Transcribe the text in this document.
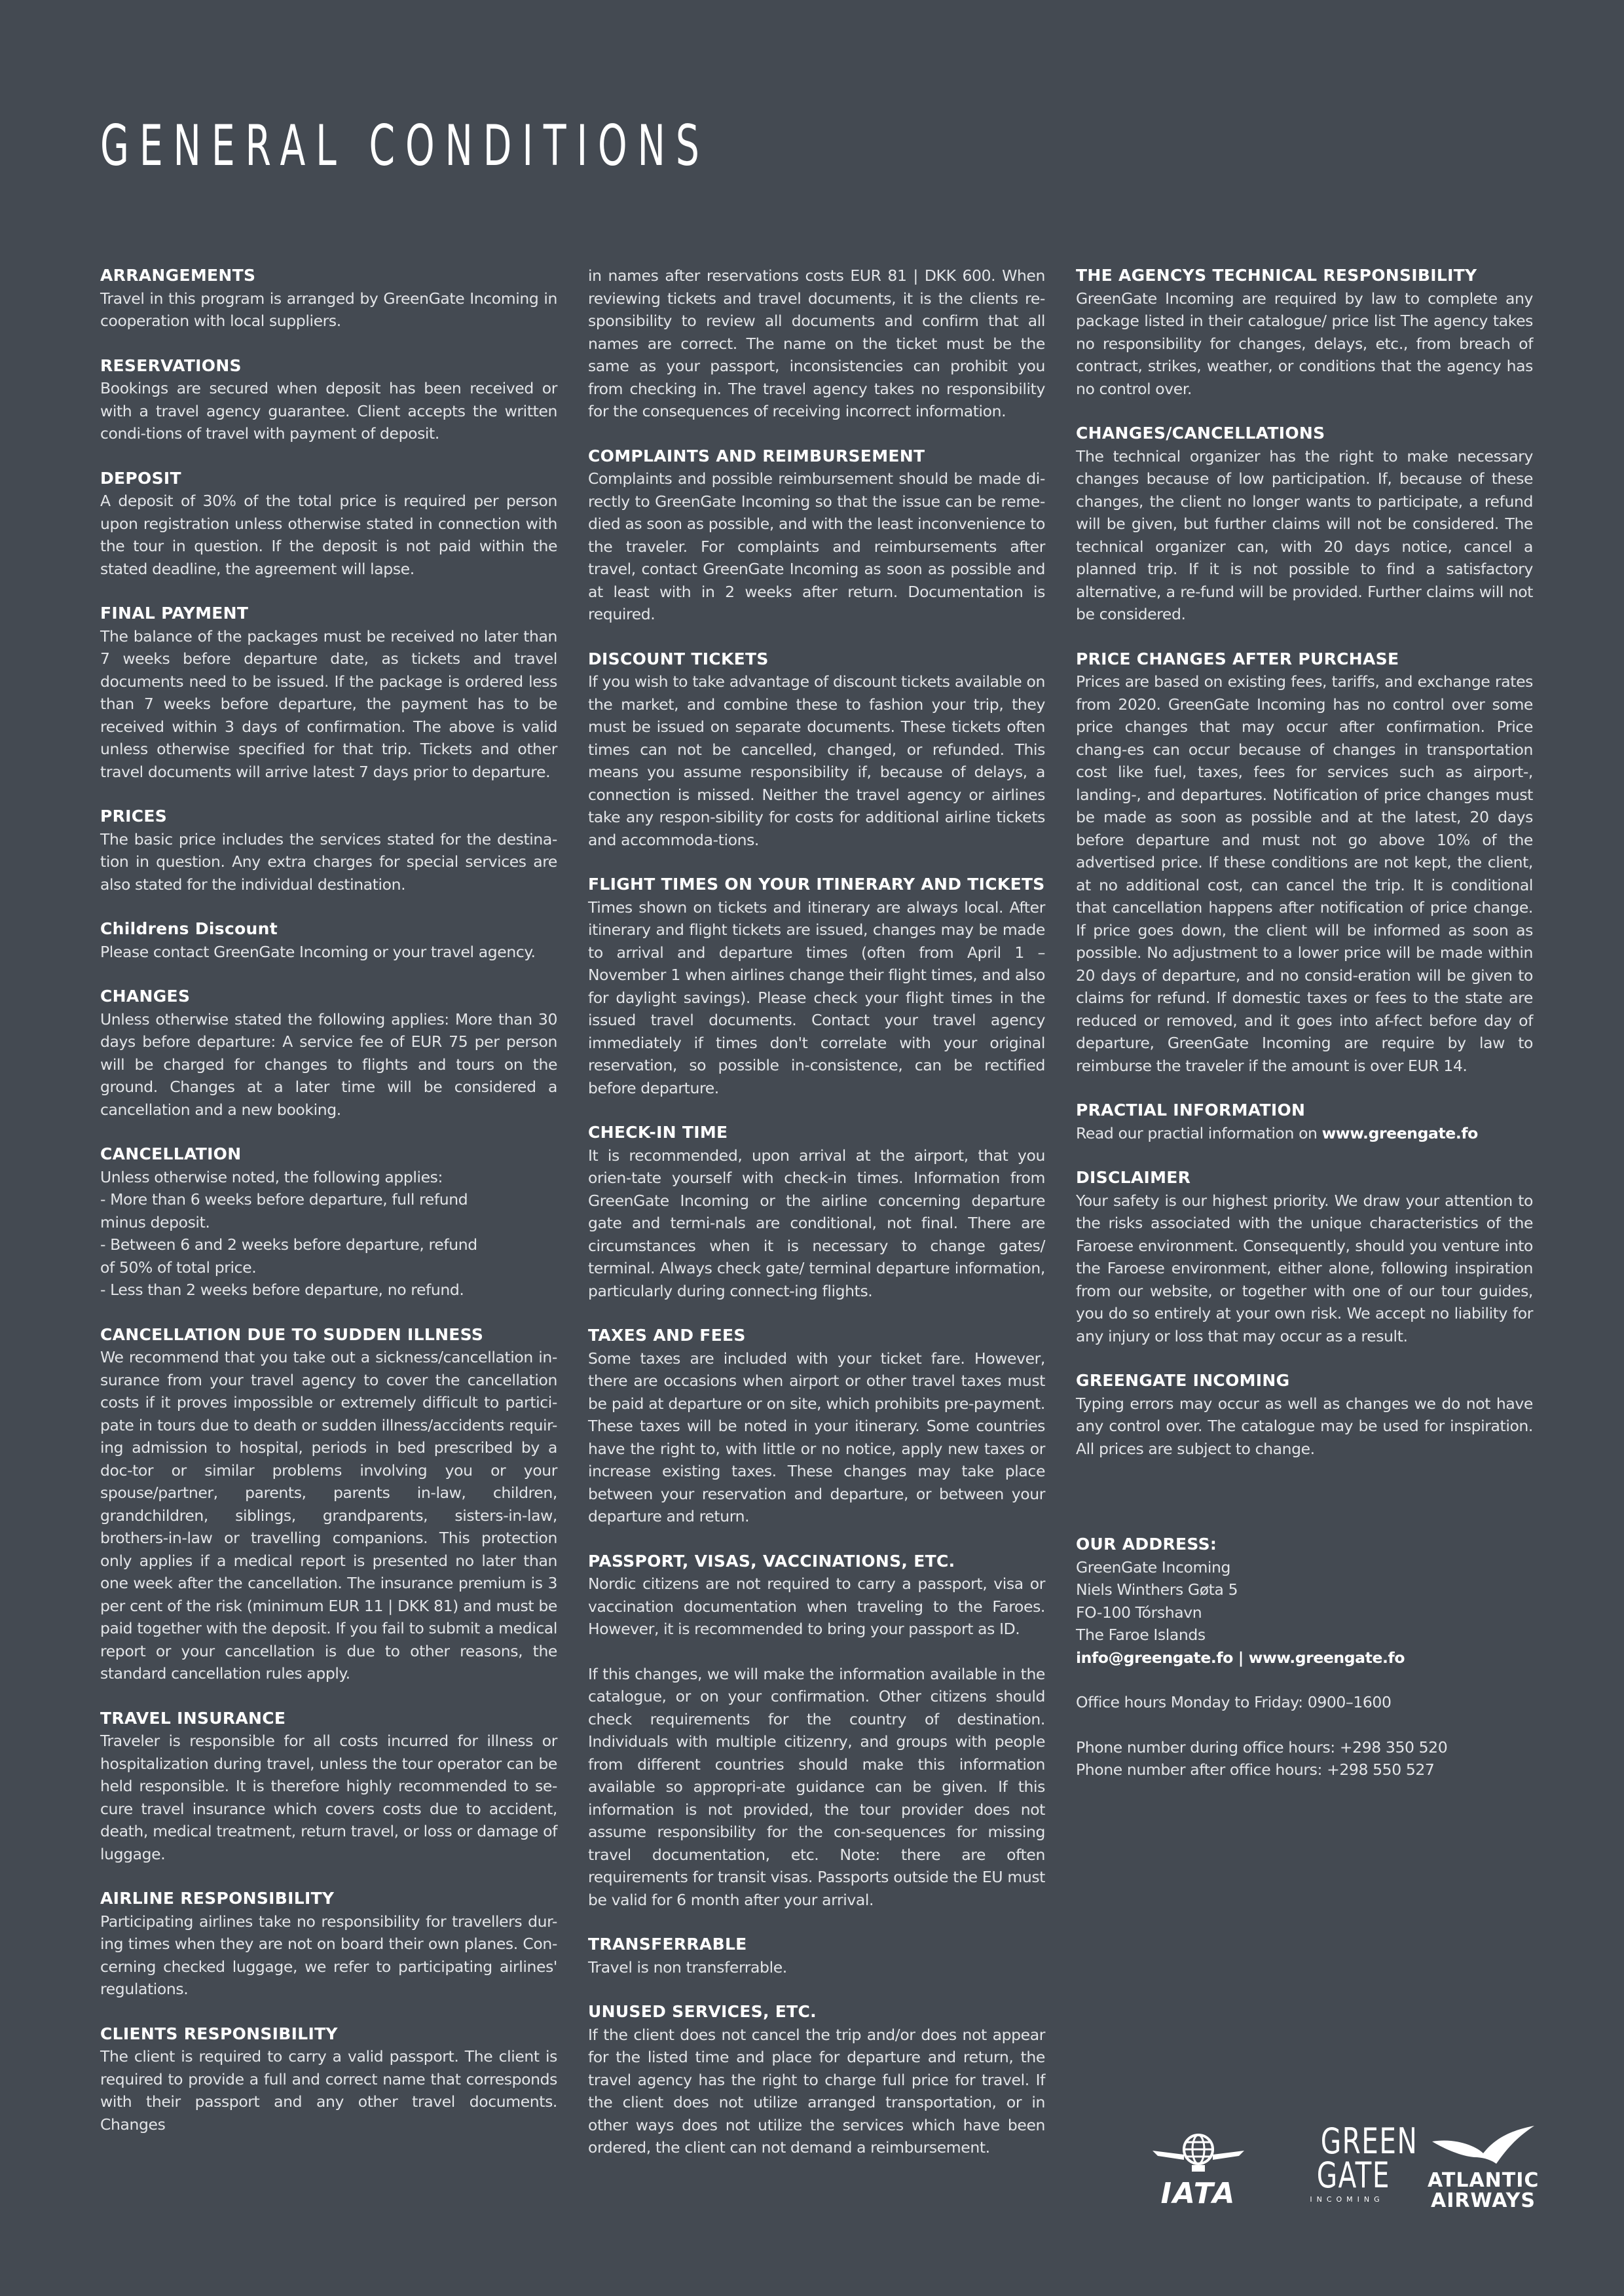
GENERAL CONDITIONS
ARRANGEMENTS
Travel in this program is arranged by GreenGate Incoming in cooperation with local suppliers.
RESERVATIONS
Bookings are secured when deposit has been received or with a travel agency guarantee. Client accepts the written condi-tions of travel with payment of deposit.
DEPOSIT
A deposit of 30% of the total price is required per person upon registration unless otherwise stated in connection with the tour in question. If the deposit is not paid within the stated deadline, the agreement will lapse.
FINAL PAYMENT
The balance of the packages must be received no later than 7 weeks before departure date, as tickets and travel documents need to be issued. If the package is ordered less than 7 weeks before departure, the payment has to be received within 3 days of confirmation. The above is valid unless otherwise specified for that trip. Tickets and other travel documents will arrive latest 7 days prior to departure.
PRICES
The basic price includes the services stated for the destina-tion in question. Any extra charges for special services are also stated for the individual destination.
Childrens Discount
Please contact GreenGate Incoming or your travel agency.
CHANGES
Unless otherwise stated the following applies: More than 30 days before departure: A service fee of EUR 75 per person will be charged for changes to flights and tours on the ground. Changes at a later time will be considered a cancellation and a new booking.
CANCELLATION
Unless otherwise noted, the following applies:
- More than 6 weeks before departure, full refund
minus deposit.
- Between 6 and 2 weeks before departure, refund
of 50% of total price.
- Less than 2 weeks before departure, no refund.
CANCELLATION DUE TO SUDDEN ILLNESS
We recommend that you take out a sickness/cancellation in-surance from your travel agency to cover the cancellation costs if it proves impossible or extremely difficult to partici-pate in tours due to death or sudden illness/accidents requir-ing admission to hospital, periods in bed prescribed by a doc-tor or similar problems involving you or your spouse/partner, parents, parents in-law, children, grandchildren, siblings, grandparents, sisters-in-law, brothers-in-law or travelling companions. This protection only applies if a medical report is presented no later than one week after the cancellation. The insurance premium is 3 per cent of the risk (minimum EUR 11 | DKK 81) and must be paid together with the deposit. If you fail to submit a medical report or your cancellation is due to other reasons, the standard cancellation rules apply.
TRAVEL INSURANCE
Traveler is responsible for all costs incurred for illness or hospitalization during travel, unless the tour operator can be held responsible. It is therefore highly recommended to se-cure travel insurance which covers costs due to accident, death, medical treatment, return travel, or loss or damage of luggage.
AIRLINE RESPONSIBILITY
Participating airlines take no responsibility for travellers dur-ing times when they are not on board their own planes. Con-cerning checked luggage, we refer to participating airlines' regulations.
CLIENTS RESPONSIBILITY
The client is required to carry a valid passport. The client is required to provide a full and correct name that corresponds with their passport and any other travel documents. Changes
in names after reservations costs EUR 81 | DKK 600. When reviewing tickets and travel documents, it is the clients re-sponsibility to review all documents and confirm that all names are correct. The name on the ticket must be the same as your passport, inconsistencies can prohibit you from checking in. The travel agency takes no responsibility for the consequences of receiving incorrect information.
COMPLAINTS AND REIMBURSEMENT
Complaints and possible reimbursement should be made di-rectly to GreenGate Incoming so that the issue can be reme-died as soon as possible, and with the least inconvenience to the traveler. For complaints and reimbursements after travel, contact GreenGate Incoming as soon as possible and at least with in 2 weeks after return. Documentation is required.
DISCOUNT TICKETS
If you wish to take advantage of discount tickets available on the market, and combine these to fashion your trip, they must be issued on separate documents. These tickets often times can not be cancelled, changed, or refunded. This means you assume responsibility if, because of delays, a connection is missed. Neither the travel agency or airlines take any respon-sibility for costs for additional airline tickets and accommoda-tions.
FLIGHT TIMES ON YOUR ITINERARY AND TICKETS
Times shown on tickets and itinerary are always local. After itinerary and flight tickets are issued, changes may be made to arrival and departure times (often from April 1 – November 1 when airlines change their flight times, and also for daylight savings). Please check your flight times in the issued travel documents. Contact your travel agency immediately if times don't correlate with your original reservation, so possible in-consistence, can be rectified before departure.
CHECK-IN TIME
It is recommended, upon arrival at the airport, that you orien-tate yourself with check-in times. Information from GreenGate Incoming or the airline concerning departure gate and termi-nals are conditional, not final. There are circumstances when it is necessary to change gates/ terminal. Always check gate/ terminal departure information, particularly during connect-ing flights.
TAXES AND FEES
Some taxes are included with your ticket fare. However, there are occasions when airport or other travel taxes must be paid at departure or on site, which prohibits pre-payment. These taxes will be noted in your itinerary. Some countries have the right to, with little or no notice, apply new taxes or increase existing taxes. These changes may take place between your reservation and departure, or between your departure and return.
PASSPORT, VISAS, VACCINATIONS, ETC.
Nordic citizens are not required to carry a passport, visa or vaccination documentation when traveling to the Faroes. However, it is recommended to bring your passport as ID.
If this changes, we will make the information available in the catalogue, or on your confirmation. Other citizens should check requirements for the country of destination. Individuals with multiple citizenry, and groups with people from different countries should make this information available so appropri-ate guidance can be given. If this information is not provided, the tour provider does not assume responsibility for the con-sequences for missing travel documentation, etc. Note: there are often requirements for transit visas. Passports outside the EU must be valid for 6 month after your arrival.
TRANSFERRABLE
Travel is non transferrable.
UNUSED SERVICES, ETC.
If the client does not cancel the trip and/or does not appear for the listed time and place for departure and return, the travel agency has the right to charge full price for travel. If the client does not utilize arranged transportation, or in other ways does not utilize the services which have been ordered, the client can not demand a reimbursement.
THE AGENCYS TECHNICAL RESPONSIBILITY
GreenGate Incoming are required by law to complete any package listed in their catalogue/ price list The agency takes no responsibility for changes, delays, etc., from breach of contract, strikes, weather, or conditions that the agency has no control over.
CHANGES/CANCELLATIONS
The technical organizer has the right to make necessary changes because of low participation. If, because of these changes, the client no longer wants to participate, a refund will be given, but further claims will not be considered. The technical organizer can, with 20 days notice, cancel a planned trip. If it is not possible to find a satisfactory alternative, a re-fund will be provided. Further claims will not be considered.
PRICE CHANGES AFTER PURCHASE
Prices are based on existing fees, tariffs, and exchange rates from 2020. GreenGate Incoming has no control over some price changes that may occur after confirmation. Price chang-es can occur because of changes in transportation cost like fuel, taxes, fees for services such as airport-, landing-, and departures. Notification of price changes must be made as soon as possible and at the latest, 20 days before departure and must not go above 10% of the advertised price. If these conditions are not kept, the client, at no additional cost, can cancel the trip. It is conditional that cancellation happens after notification of price change. If price goes down, the client will be informed as soon as possible. No adjustment to a lower price will be made within 20 days of departure, and no consid-eration will be given to claims for refund. If domestic taxes or fees to the state are reduced or removed, and it goes into af-fect before day of departure, GreenGate Incoming are require by law to reimburse the traveler if the amount is over EUR 14.
PRACTIAL INFORMATION
Read our practial information on www.greengate.fo
DISCLAIMER
Your safety is our highest priority. We draw your attention to the risks associated with the unique characteristics of the Faroese environment. Consequently, should you venture into the Faroese environment, either alone, following inspiration from our website, or together with one of our tour guides, you do so entirely at your own risk. We accept no liability for any injury or loss that may occur as a result.
GREENGATE INCOMING
Typing errors may occur as well as changes we do not have any control over. The catalogue may be used for inspiration. All prices are subject to change.
OUR ADDRESS:
GreenGate Incoming
Niels Winthers Gøta 5
FO-100 Tórshavn
The Faroe Islands
info@greengate.fo | www.greengate.fo
Office hours Monday to Friday: 0900–1600
Phone number during office hours: +298 350 520
Phone number after office hours: +298 550 527
IATA
GREEN GATE
INCOMING
ATLANTIC
AIRWAYS
